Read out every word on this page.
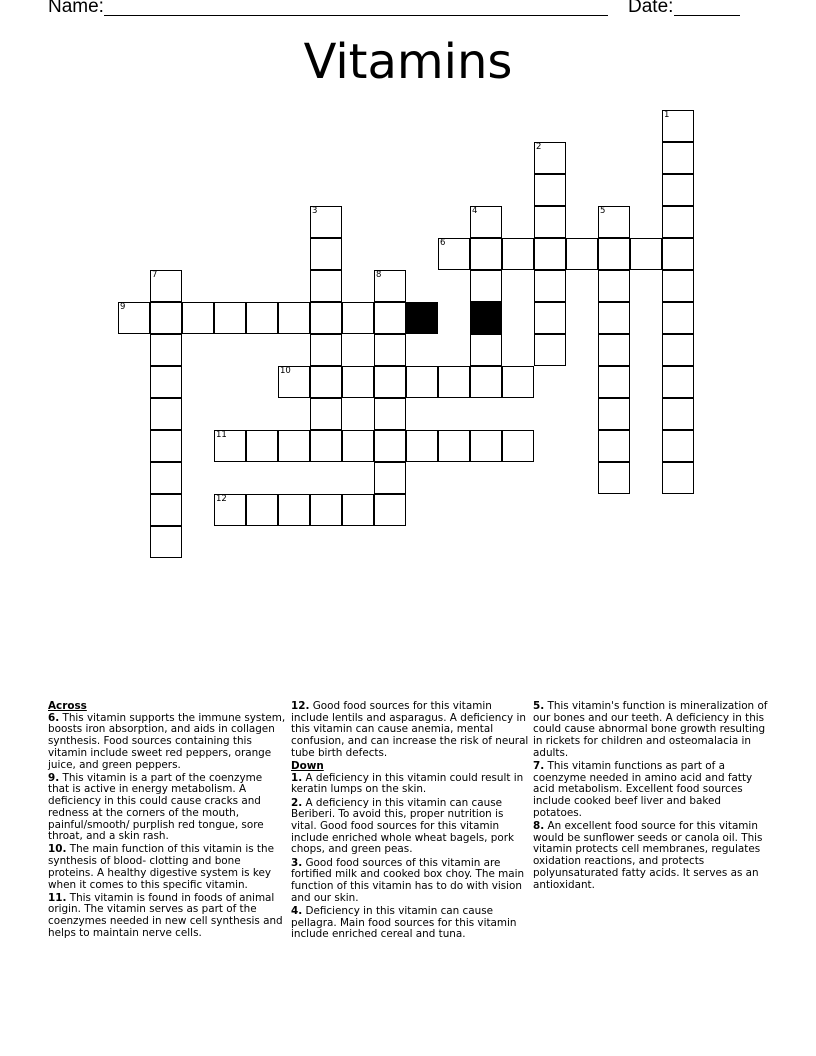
Name:	Date:
Vitamins
1
2
3	4	5
6
7	8
9
10
11
12
Across
6. This vitamin supports the immune system, boosts iron absorption, and aids in collagen synthesis. Food sources containing this vitamin include sweet red peppers, orange juice, and green peppers.
9. This vitamin is a part of the coenzyme that is active in energy metabolism. A deficiency in this could cause cracks and redness at the corners of the mouth, painful/smooth/ purplish red tongue, sore throat, and a skin rash.
10. The main function of this vitamin is the synthesis of blood- clotting and bone proteins. A healthy digestive system is key when it comes to this specific vitamin.
11. This vitamin is found in foods of animal origin. The vitamin serves as part of the coenzymes needed in new cell synthesis and helps to maintain nerve cells.
12. Good food sources for this vitamin include lentils and asparagus. A deficiency in this vitamin can cause anemia, mental confusion, and can increase the risk of neural tube birth defects.
Down
1. A deficiency in this vitamin could result in keratin lumps on the skin.
2. A deficiency in this vitamin can cause Beriberi. To avoid this, proper nutrition is vital. Good food sources for this vitamin include enriched whole wheat bagels, pork chops, and green peas.
3. Good food sources of this vitamin are fortified milk and cooked box choy. The main function of this vitamin has to do with vision and our skin.
4. Deficiency in this vitamin can cause pellagra. Main food sources for this vitamin include enriched cereal and tuna.
5. This vitamin's function is mineralization of our bones and our teeth. A deficiency in this could cause abnormal bone growth resulting in rickets for children and osteomalacia in adults.
7. This vitamin functions as part of a coenzyme needed in amino acid and fatty acid metabolism. Excellent food sources include cooked beef liver and baked potatoes.
8. An excellent food source for this vitamin would be sunflower seeds or canola oil. This vitamin protects cell membranes, regulates oxidation reactions, and protects polyunsaturated fatty acids. It serves as an antioxidant.
